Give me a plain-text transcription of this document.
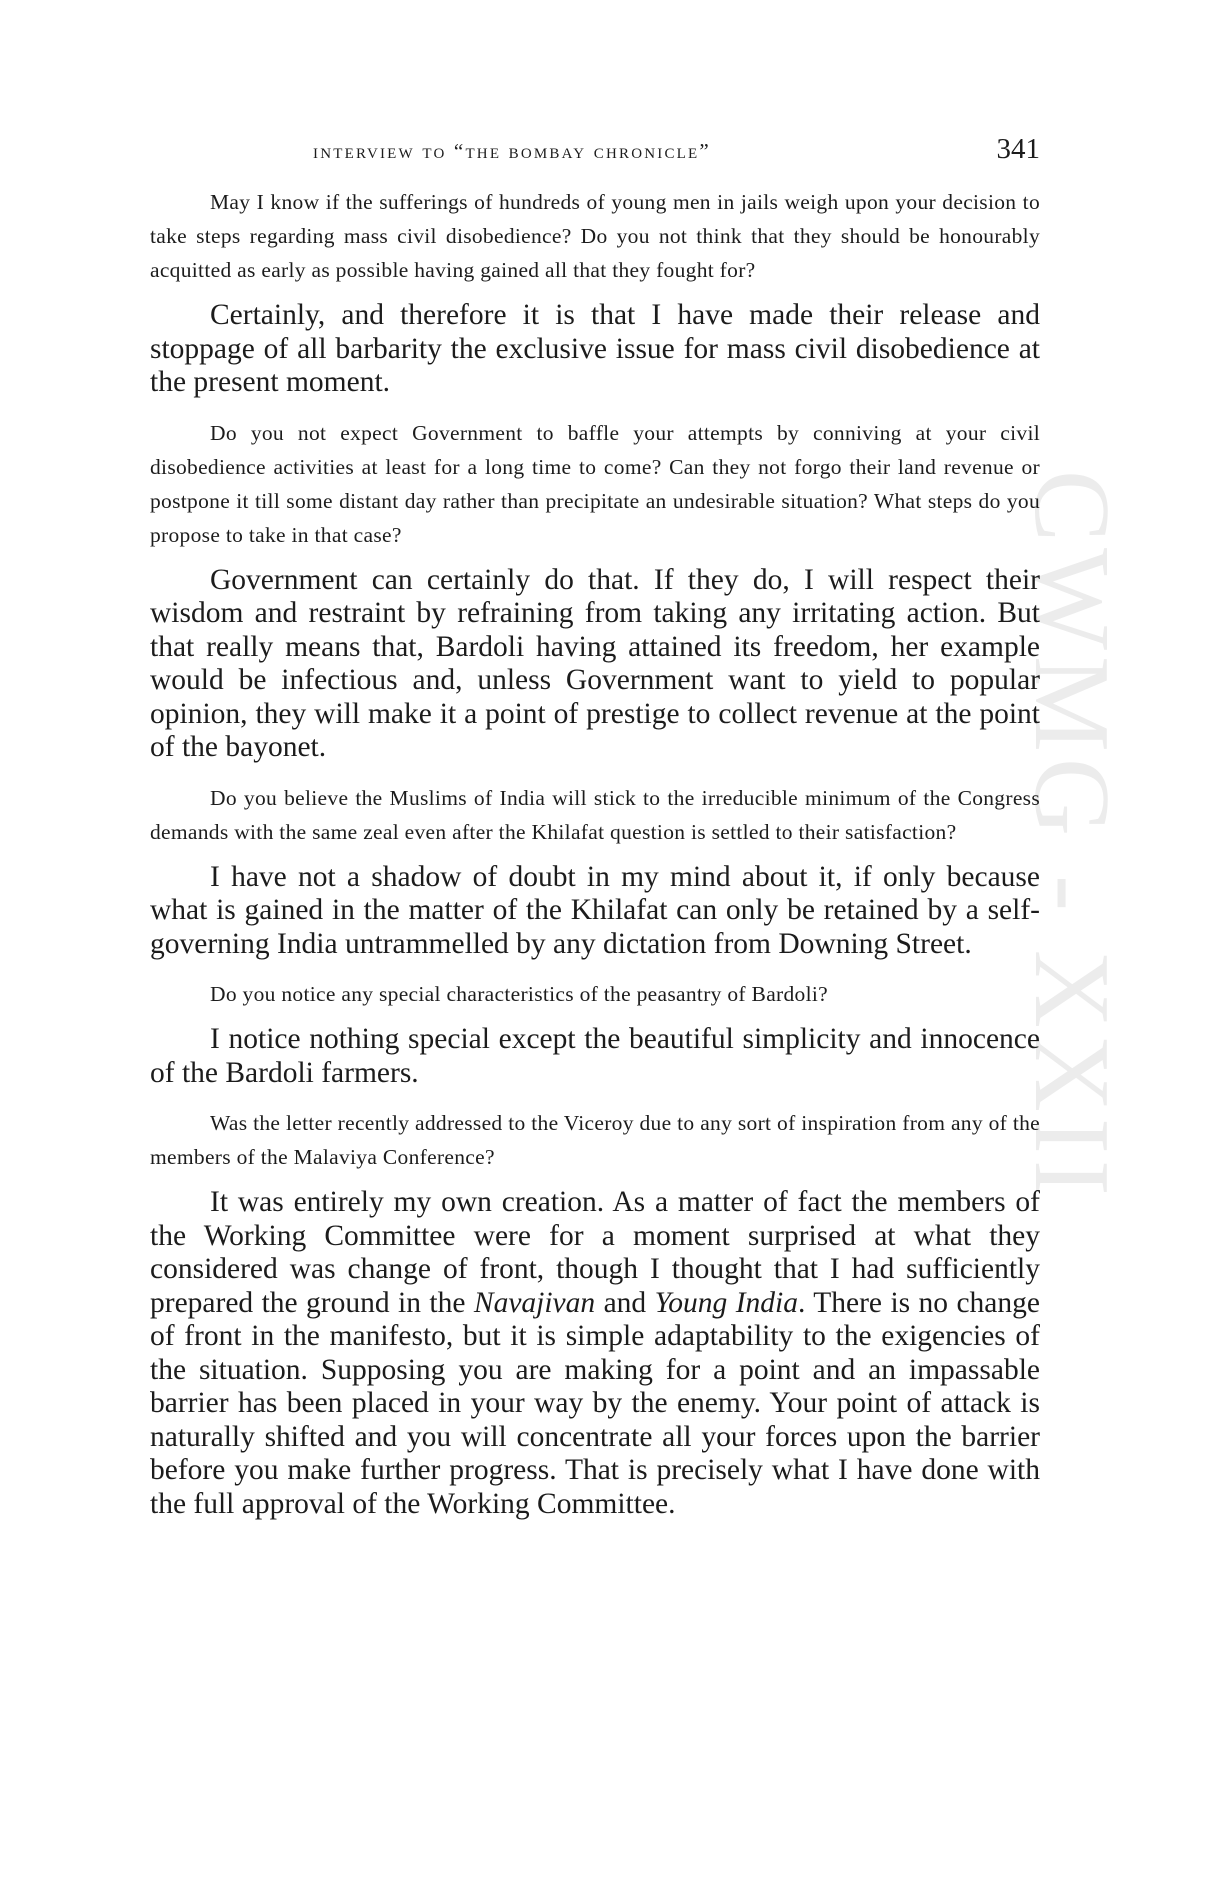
CWMG - XXII
interview to “the bombay chronicle”	341

May I know if the sufferings of hundreds of young men in jails weigh upon your decision to take steps regarding mass civil disobedience? Do you not think that they should be honourably acquitted as early as possible having gained all that they fought for?

Certainly, and therefore it is that I have made their release and stoppage of all barbarity the exclusive issue for mass civil disobedience at the present moment.

Do you not expect Government to baffle your attempts by conniving at your civil disobedience activities at least for a long time to come? Can they not forgo their land revenue or postpone it till some distant day rather than precipitate an undesirable situation? What steps do you propose to take in that case?

Government can certainly do that. If they do, I will respect their wisdom and restraint by refraining from taking any irritating action. But that really means that, Bardoli having attained its freedom, her example would be infectious and, unless Government want to yield to popular opinion, they will make it a point of prestige to collect revenue at the point of the bayonet.

Do you believe the Muslims of India will stick to the irreducible minimum of the Congress demands with the same zeal even after the Khilafat question is settled to their satisfaction?

I have not a shadow of doubt in my mind about it, if only because what is gained in the matter of the Khilafat can only be retained by a self-governing India untrammelled by any dictation from Downing Street.

Do you notice any special characteristics of the peasantry of Bardoli?

I notice nothing special except the beautiful simplicity and innocence of the Bardoli farmers.

Was the letter recently addressed to the Viceroy due to any sort of inspiration from any of the members of the Malaviya Conference?

It was entirely my own creation. As a matter of fact the members of the Working Committee were for a moment surprised at what they considered was change of front, though I thought that I had sufficiently prepared the ground in the Navajivan and Young India. There is no change of front in the manifesto, but it is simple adaptability to the exigencies of the situation. Supposing you are making for a point and an impassable barrier has been placed in your way by the enemy. Your point of attack is naturally shifted and you will concentrate all your forces upon the barrier before you make further progress. That is precisely what I have done with the full approval of the Working Committee.
